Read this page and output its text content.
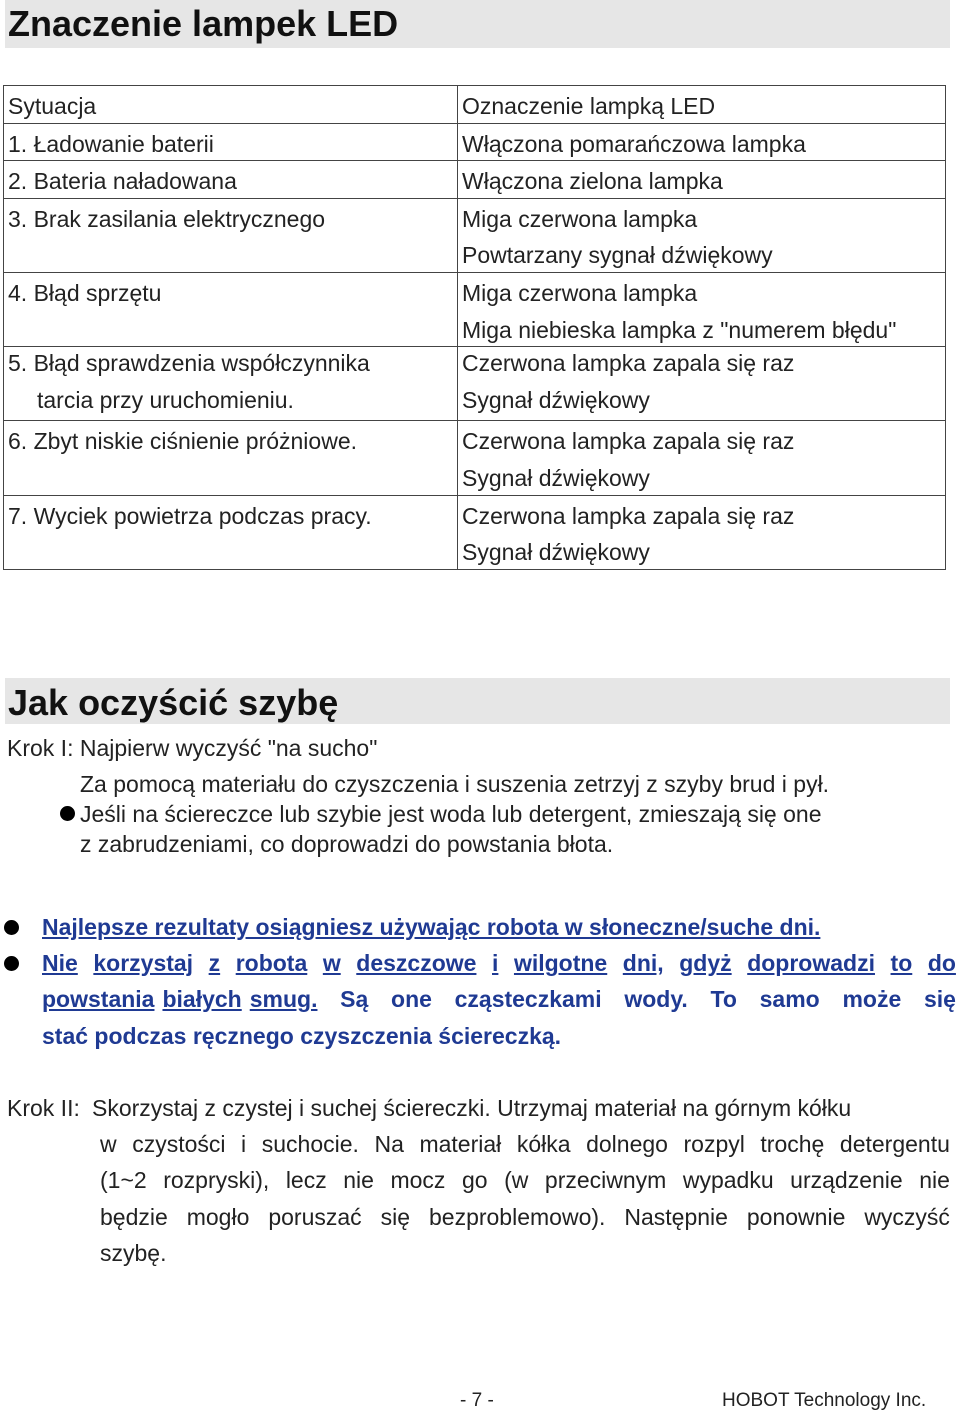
Znaczenie lampek LED
Sytuacja	Oznaczenie lampką LED

1. Ładowanie baterii	Włączona pomarańczowa lampka

2. Bateria naładowana	Włączona zielona lampka

3. Brak zasilania elektrycznego	Miga czerwona lampka
Powtarzany sygnał dźwiękowy

4. Błąd sprzętu	Miga czerwona lampka
Miga niebieska lampka z "numerem błędu"

5. Błąd sprawdzenia współczynnika
tarcia przy uruchomieniu.	Czerwona lampka zapala się raz
Sygnał dźwiękowy

6. Zbyt niskie ciśnienie próżniowe.	Czerwona lampka zapala się raz
Sygnał dźwiękowy

7. Wyciek powietrza podczas pracy.	Czerwona lampka zapala się raz
Sygnał dźwiękowy
Jak oczyścić szybę
Krok I: Najpierw wyczyść "na sucho"
Za pomocą materiału do czyszczenia i suszenia zetrzyj z szyby brud i pył.
Jeśli na ściereczce lub szybie jest woda lub detergent, zmieszają się one
z zabrudzeniami, co doprowadzi do powstania błota.
Najlepsze rezultaty osiągniesz używając robota w słoneczne/suche dni.
Nie korzystaj z robota w deszczowe i wilgotne dni, gdyż doprowadzi to do
powstania białych smug. Są one cząsteczkami wody. To samo może się
stać podczas ręcznego czyszczenia ściereczką.
Krok II: Skorzystaj z czystej i suchej ściereczki. Utrzymaj materiał na górnym kółku
w czystości i suchocie. Na materiał kółka dolnego rozpyl trochę detergentu
(1~2 rozpryski), lecz nie mocz go (w przeciwnym wypadku urządzenie nie
będzie mogło poruszać się bezproblemowo). Następnie ponownie wyczyść
szybę.
- 7 -	HOBOT Technology Inc.
